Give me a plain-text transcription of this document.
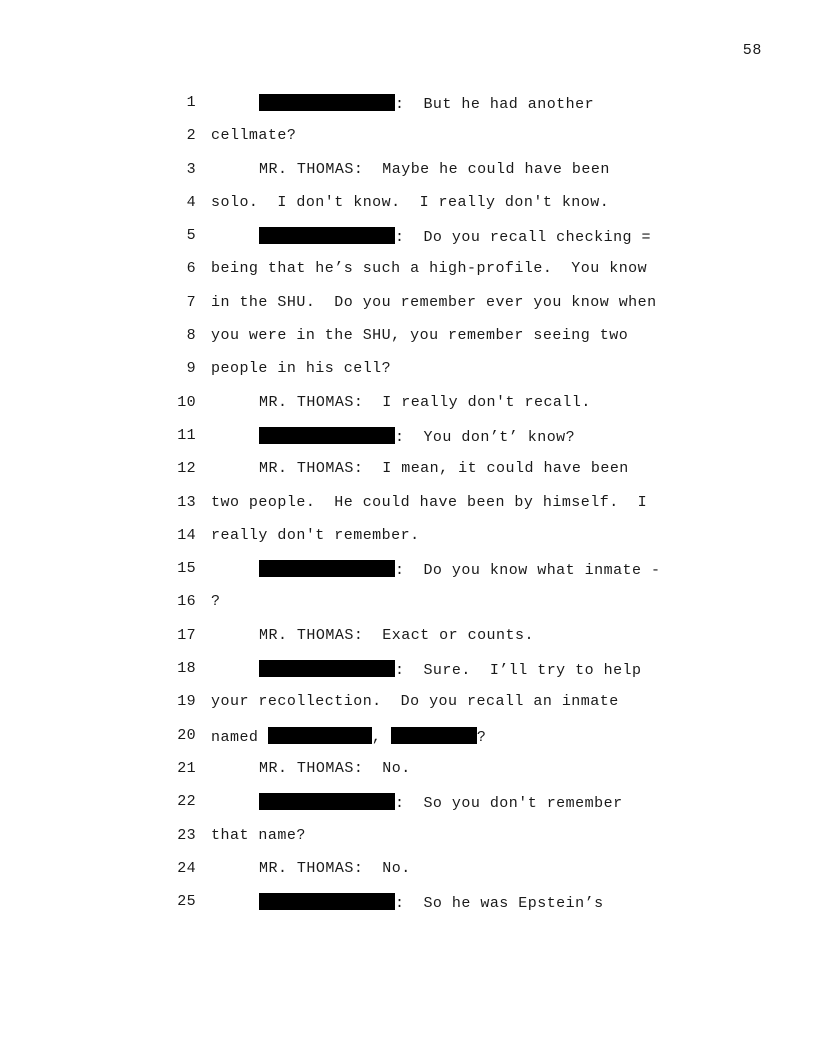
58
1	:  But he had another
2 cellmate?
3	MR. THOMAS:  Maybe he could have been
4 solo.  I don't know.  I really don't know.
5	:  Do you recall checking =
6 being that he’s such a high-profile.  You know
7 in the SHU.  Do you remember ever you know when
8 you were in the SHU, you remember seeing two
9 people in his cell?
10	MR. THOMAS:  I really don't recall.
11	:  You don’t’ know?
12	MR. THOMAS:  I mean, it could have been
13 two people.  He could have been by himself.  I
14 really don't remember.
15	:  Do you know what inmate -
16 ?
17	MR. THOMAS:  Exact or counts.
18	:  Sure.  I’ll try to help
19 your recollection.  Do you recall an inmate
20 named	,	?
21	MR. THOMAS:  No.
22	:  So you don't remember
23 that name?
24	MR. THOMAS:  No.
25	:  So he was Epstein’s
